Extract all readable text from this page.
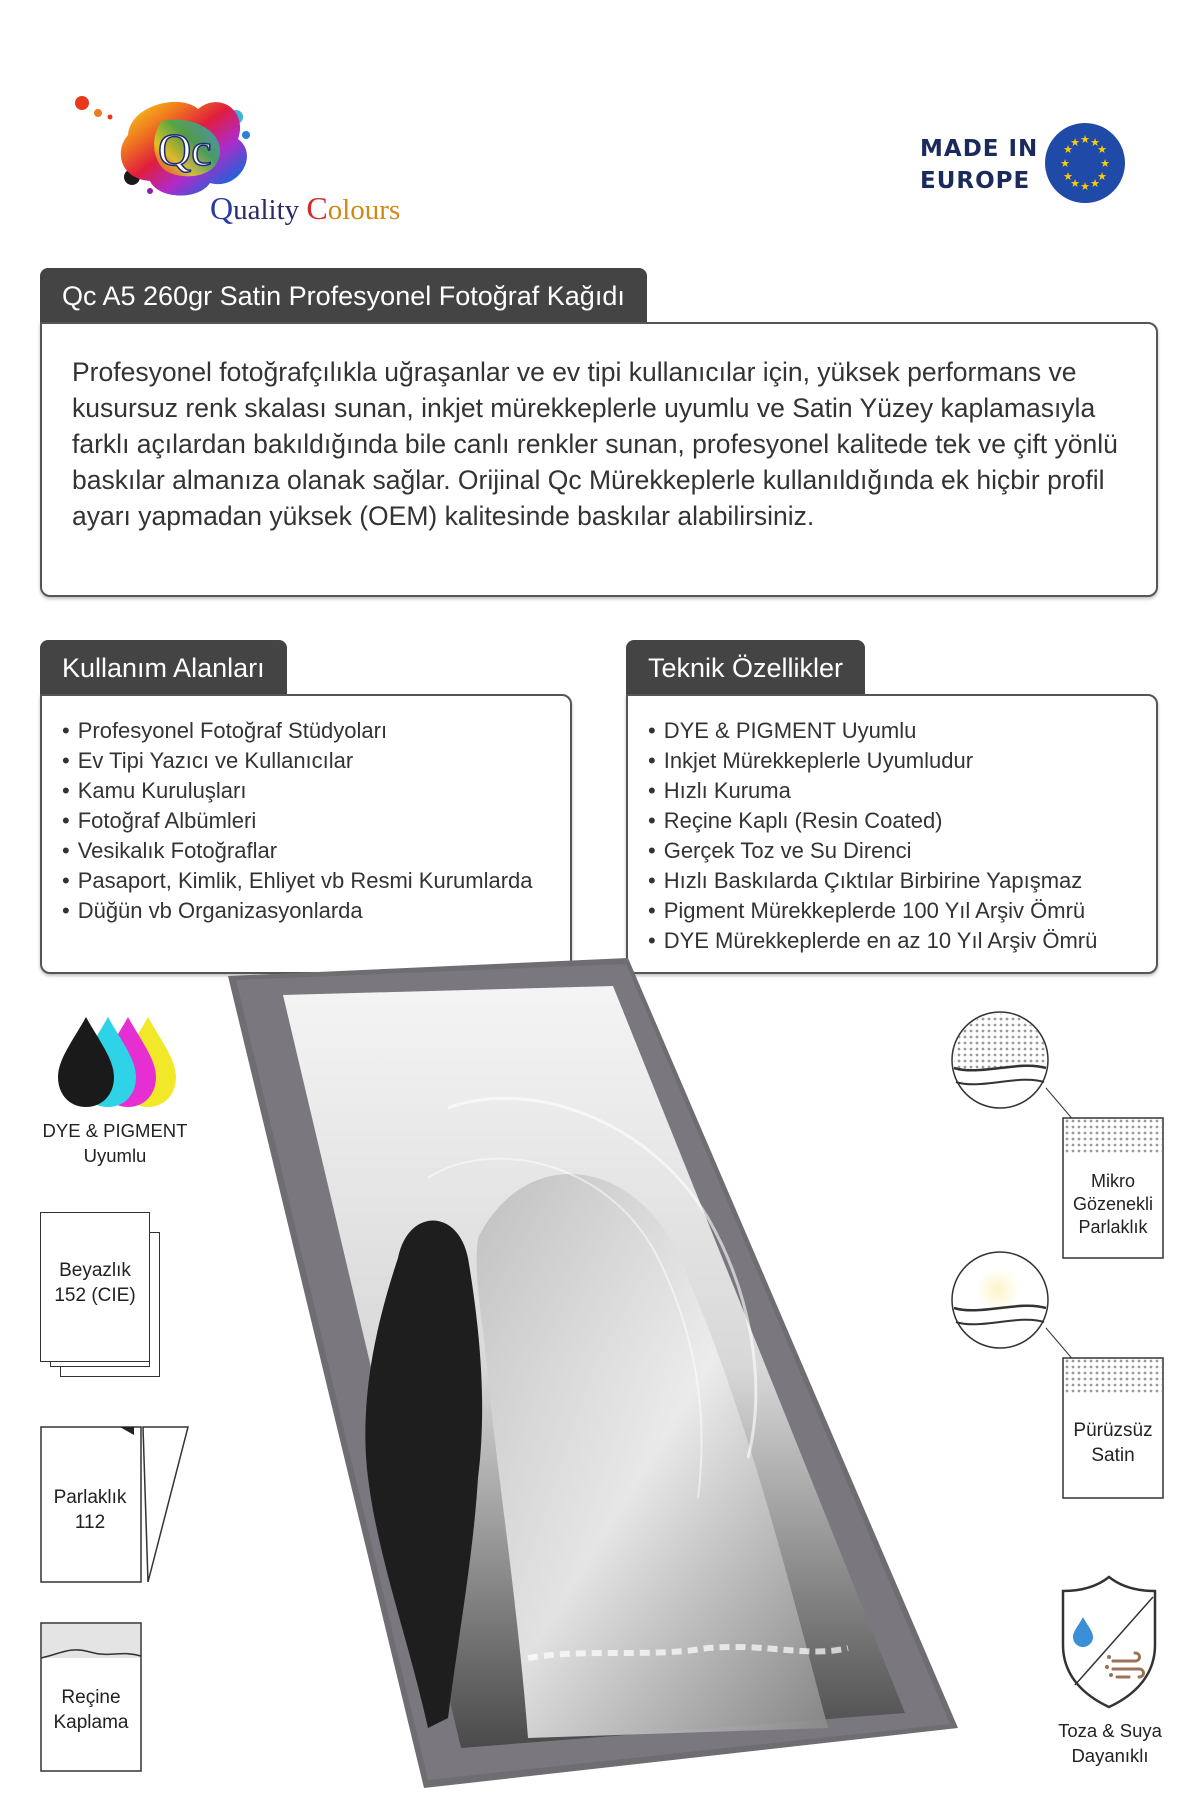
Qc
Quality Colours
MADE IN
EUROPE
★ ★
★
★
★
★
★
★
★
★
★
★
Qc A5 260gr Satin Profesyonel Fotoğraf Kağıdı

Profesyonel fotoğrafçılıkla uğraşanlar ve ev tipi kullanıcılar için, yüksek performans ve kusursuz renk skalası sunan, inkjet mürekkeplerle uyumlu ve Satin Yüzey kaplamasıyla farklı açılardan bakıldığında bile canlı renkler sunan, profesyonel kalitede tek ve çift yönlü baskılar almanıza olanak sağlar. Orijinal Qc Mürekkeplerle kullanıldığında ek hiçbir profil ayarı yapmadan yüksek (OEM) kalitesinde baskılar alabilirsiniz.

Kullanım Alanları
• Profesyonel Fotoğraf Stüdyoları
• Ev Tipi Yazıcı ve Kullanıcılar
• Kamu Kuruluşları
• Fotoğraf Albümleri
• Vesikalık Fotoğraflar
• Pasaport, Kimlik, Ehliyet vb Resmi Kurumlarda
• Düğün vb Organizasyonlarda
Teknik Özellikler
• DYE & PIGMENT Uyumlu
• Inkjet Mürekkeplerle Uyumludur
• Hızlı Kuruma
• Reçine Kaplı (Resin Coated)
• Gerçek Toz ve Su Direnci
• Hızlı Baskılarda Çıktılar Birbirine Yapışmaz
• Pigment Mürekkeplerde 100 Yıl Arşiv Ömrü
• DYE Mürekkeplerde en az 10 Yıl Arşiv Ömrü
DYE & PIGMENT
Uyumlu
Beyazlık
152 (CIE)
Parlaklık
112
Reçine
Kaplama
Mikro
Gözenekli
Parlaklık
Pürüzsüz
Satin
Toza & Suya
Dayanıklı
